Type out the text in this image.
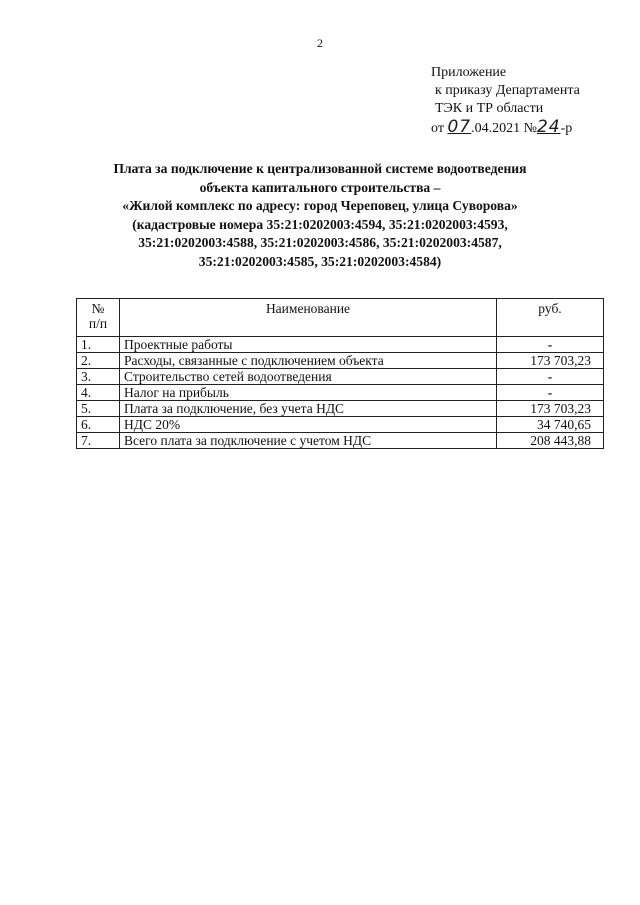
2
Приложение
к приказу Департамента
ТЭК и ТР области
от 07.04.2021 №24-р
Плата за подключение к централизованной системе водоотведения
объекта капитального строительства –
«Жилой комплекс по адресу: город Череповец, улица Суворова»
(кадастровые номера 35:21:0202003:4594, 35:21:0202003:4593,
35:21:0202003:4588, 35:21:0202003:4586, 35:21:0202003:4587,
35:21:0202003:4585, 35:21:0202003:4584)
№
п/п	Наименование	руб.
1.	Проектные работы	-
2.	Расходы, связанные с подключением объекта	173 703,23
3.	Строительство сетей водоотведения	-
4.	Налог на прибыль	-
5.	Плата за подключение, без учета НДС	173 703,23
6.	НДС 20%	34 740,65
7.	Всего плата за подключение с учетом НДС	208 443,88
